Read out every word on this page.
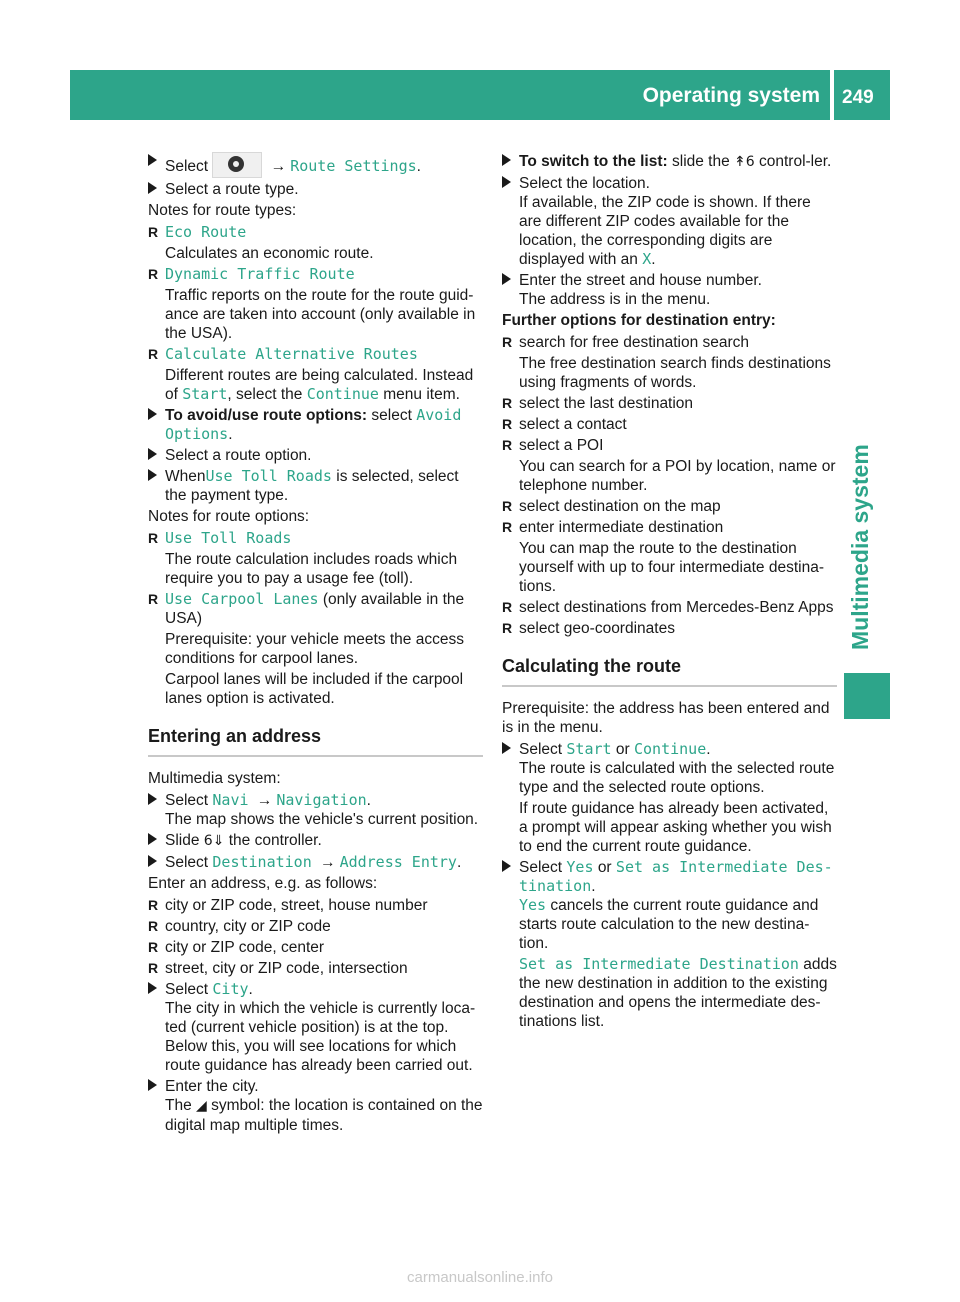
Operating system 249
Multimedia system
Select	→ Route Settings.
Select a route type.
Notes for route types:
R Eco Route
Calculates an economic route.
R Dynamic Traffic Route
Traffic reports on the route for the route guid-ance are taken into account (only available in the USA).
R Calculate Alternative Routes
Different routes are being calculated. Instead of Start, select the Continue menu item.
To avoid/use route options: select Avoid Options.
Select a route option.
WhenUse Toll Roads is selected, select the payment type.
Notes for route options:
R Use Toll Roads
The route calculation includes roads which require you to pay a usage fee (toll).
R Use Carpool Lanes (only available in the USA)
Prerequisite: your vehicle meets the access conditions for carpool lanes.
Carpool lanes will be included if the carpool lanes option is activated.
Entering an address
Multimedia system:
Select Navi → Navigation.
The map shows the vehicle's current position.
Slide 6⇓ the controller.
Select Destination → Address Entry.
Enter an address, e.g. as follows:
R city or ZIP code, street, house number
R country, city or ZIP code
R city or ZIP code, center
R street, city or ZIP code, intersection
Select City.
The city in which the vehicle is currently loca-ted (current vehicle position) is at the top. Below this, you will see locations for which route guidance has already been carried out.
Enter the city.
The ◢ symbol: the location is contained on the digital map multiple times.
To switch to the list: slide the ↟6 control-ler.
Select the location.
If available, the ZIP code is shown. If there are different ZIP codes available for the location, the corresponding digits are displayed with an X.
Enter the street and house number.
The address is in the menu.
Further options for destination entry:
R search for free destination search
The free destination search finds destinations using fragments of words.
R select the last destination
R select a contact
R select a POI
You can search for a POI by location, name or telephone number.
R select destination on the map
R enter intermediate destination
You can map the route to the destination yourself with up to four intermediate destina-tions.
R select destinations from Mercedes-Benz Apps
R select geo-coordinates
Calculating the route
Prerequisite: the address has been entered and is in the menu.
Select Start or Continue.
The route is calculated with the selected route type and the selected route options.
If route guidance has already been activated, a prompt will appear asking whether you wish to end the current route guidance.
Select Yes or Set as Intermediate Des-tination.
Yes cancels the current route guidance and starts route calculation to the new destina-tion.
Set as Intermediate Destination adds the new destination in addition to the existing destination and opens the intermediate des-tinations list.
carmanualsonline.info
